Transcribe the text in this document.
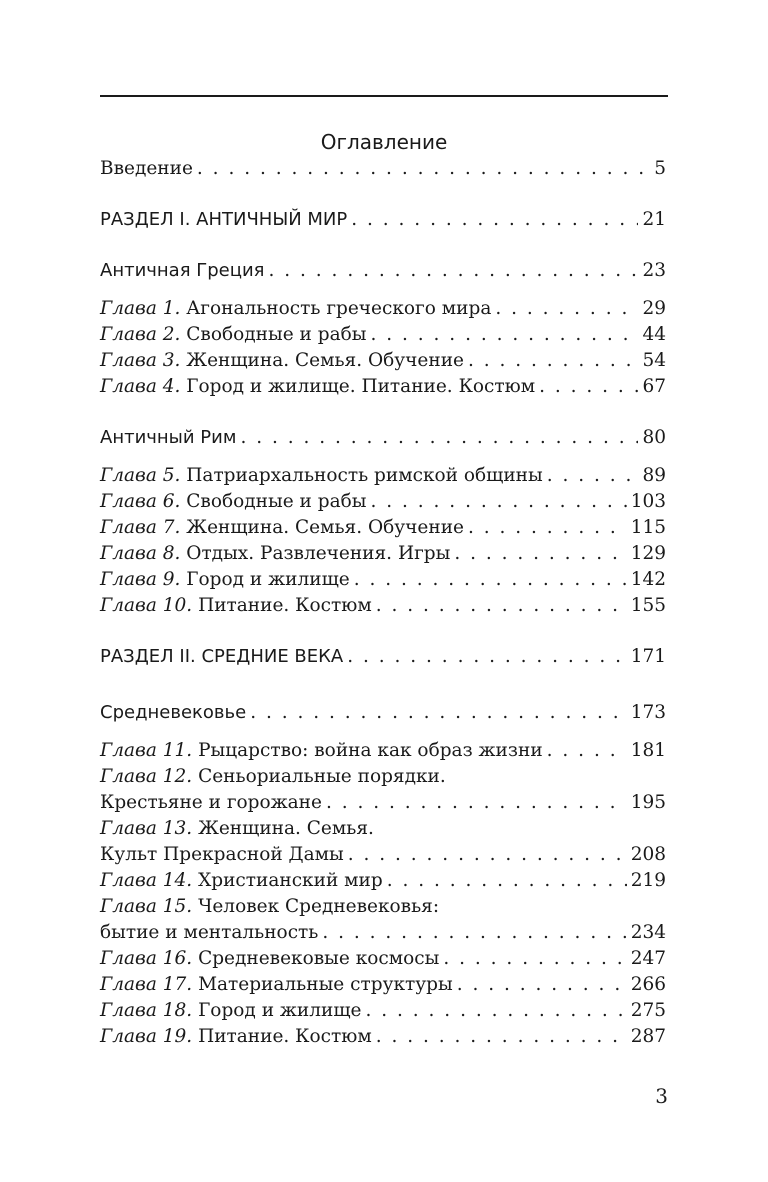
Оглавление
Введение . . .	5
РАЗДЕЛ I. АНТИЧНЫЙ МИР . . .	21
Античная Греция . . .	23
Глава 1. Агональность греческого мира . . .	29
Глава 2. Свободные и рабы . . .	44
Глава 3. Женщина. Семья. Обучение . . .	54
Глава 4. Город и жилище. Питание. Костюм . . .	67
Античный Рим . . .	80
Глава 5. Патриархальность римской общины . . .	89
Глава 6. Свободные и рабы . . .	103
Глава 7. Женщина. Семья. Обучение . . .	115
Глава 8. Отдых. Развлечения. Игры . . .	129
Глава 9. Город и жилище . . .	142
Глава 10. Питание. Костюм . . .	155
РАЗДЕЛ II. СРЕДНИЕ ВЕКА . . .	171
Средневековье . . .	173
Глава 11. Рыцарство: война как образ жизни . . .	181
Глава 12. Сеньориальные порядки.
Крестьяне и горожане . . .	195
Глава 13. Женщина. Семья.
Культ Прекрасной Дамы . . .	208
Глава 14. Христианский мир . . .	219
Глава 15. Человек Средневековья:
бытие и ментальность . . .	234
Глава 16. Средневековые космосы . . .	247
Глава 17. Материальные структуры . . .	266
Глава 18. Город и жилище . . .	275
Глава 19. Питание. Костюм . . .	287
3
